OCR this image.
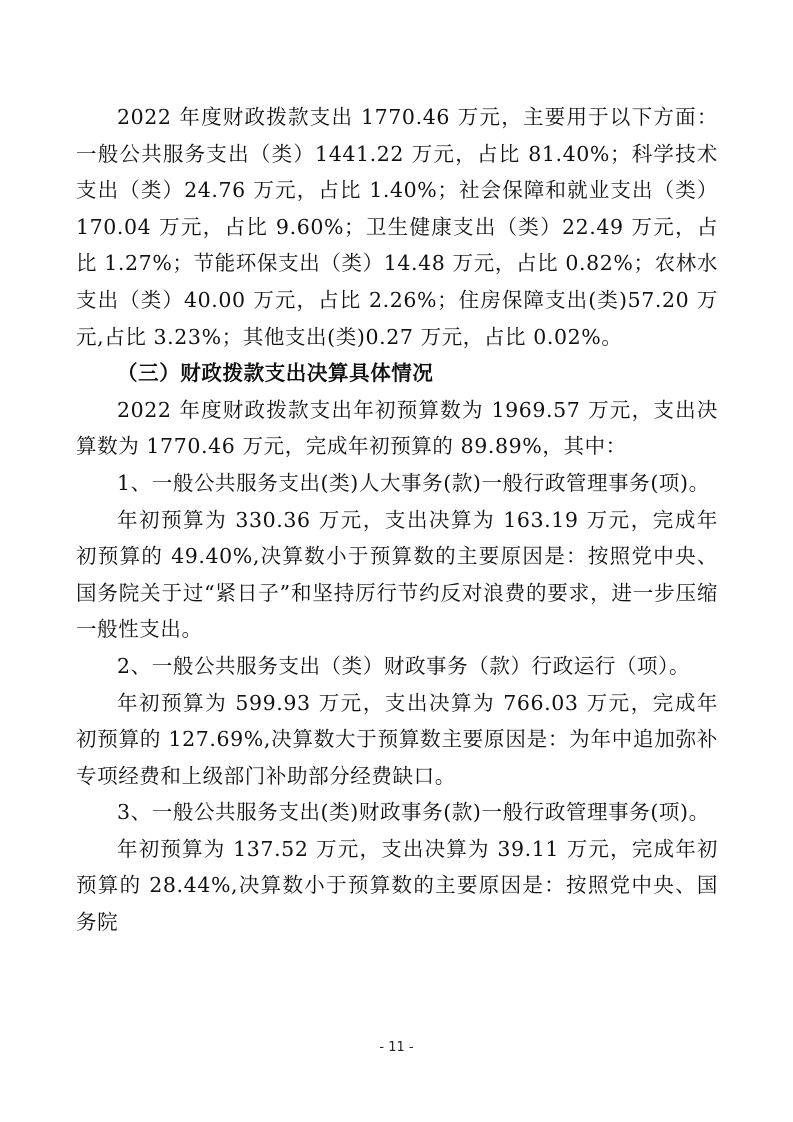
2022 年度财政拨款支出 1770.46 万元，主要用于以下方面：一般公共服务支出（类）1441.22 万元，占比 81.40%；科学技术支出（类）24.76 万元，占比 1.40%；社会保障和就业支出（类）170.04 万元，占比 9.60%；卫生健康支出（类）22.49 万元，占比 1.27%；节能环保支出（类）14.48 万元，占比 0.82%；农林水支出（类）40.00 万元，占比 2.26%；住房保障支出(类)57.20 万元,占比 3.23%；其他支出(类)0.27 万元，占比 0.02%。

（三）财政拨款支出决算具体情况

2022 年度财政拨款支出年初预算数为 1969.57 万元，支出决算数为 1770.46 万元，完成年初预算的 89.89%，其中：

1、一般公共服务支出(类)人大事务(款)一般行政管理事务(项)。

年初预算为 330.36 万元，支出决算为 163.19 万元，完成年初预算的 49.40%,决算数小于预算数的主要原因是：按照党中央、国务院关于过“紧日子”和坚持厉行节约反对浪费的要求，进一步压缩一般性支出。

2、一般公共服务支出（类）财政事务（款）行政运行（项）。

年初预算为 599.93 万元，支出决算为 766.03 万元，完成年初预算的 127.69%,决算数大于预算数主要原因是：为年中追加弥补专项经费和上级部门补助部分经费缺口。

3、一般公共服务支出(类)财政事务(款)一般行政管理事务(项)。

年初预算为 137.52 万元，支出决算为 39.11 万元，完成年初预算的 28.44%,决算数小于预算数的主要原因是：按照党中央、国务院

- 11 -
